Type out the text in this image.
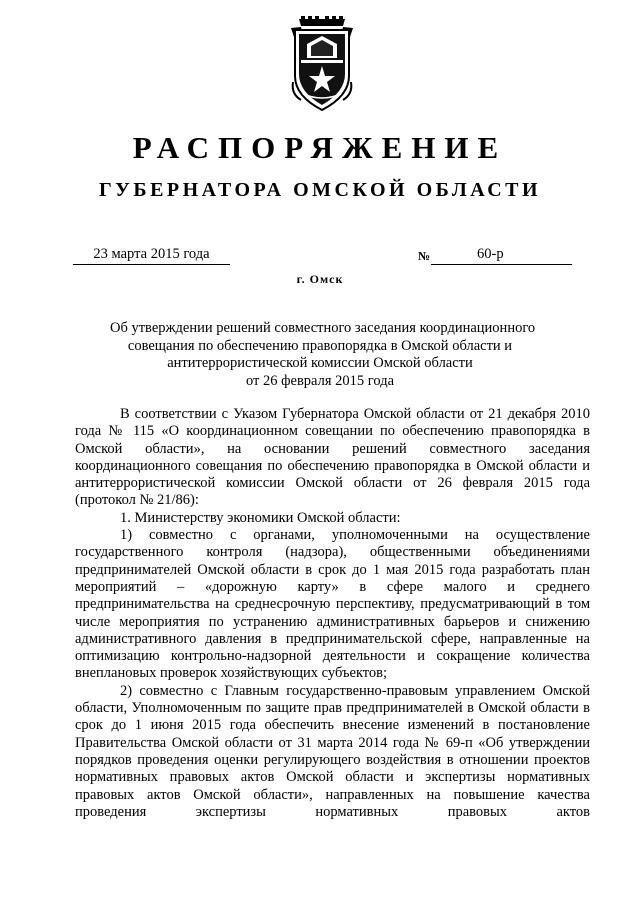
РАСПОРЯЖЕНИЕ
ГУБЕРНАТОРА ОМСКОЙ ОБЛАСТИ
23 марта 2015 года	№	60-р
г. Омск
Об утверждении решений совместного заседания координационного
совещания по обеспечению правопорядка в Омской области и
антитеррористической комиссии Омской области
от 26 февраля 2015 года

В соответствии с Указом Губернатора Омской области от 21 декабря 2010 года № 115 «О координационном совещании по обеспечению правопорядка в Омской области», на основании решений совместного заседания координационного совещания по обеспечению правопорядка в Омской области и антитеррористической комиссии Омской области от 26 февраля 2015 года (протокол № 21/86):

1. Министерству экономики Омской области:

1) совместно с органами, уполномоченными на осуществление государственного контроля (надзора), общественными объединениями предпринимателей Омской области в срок до 1 мая 2015 года разработать план мероприятий – «дорожную карту» в сфере малого и среднего предпринимательства на среднесрочную перспективу, предусматривающий в том числе мероприятия по устранению административных барьеров и снижению административного давления в предпринимательской сфере, направленные на оптимизацию контрольно-надзорной деятельности и сокращение количества внеплановых проверок хозяйствующих субъектов;

2) совместно с Главным государственно-правовым управлением Омской области, Уполномоченным по защите прав предпринимателей в Омской области в срок до 1 июня 2015 года обеспечить внесение изменений в постановление Правительства Омской области от 31 марта 2014 года № 69-п «Об утверждении порядков проведения оценки регулирующего воздействия в отношении проектов нормативных правовых актов Омской области и экспертизы нормативных правовых актов Омской области», направленных на повышение качества проведения экспертизы нормативных правовых актов
